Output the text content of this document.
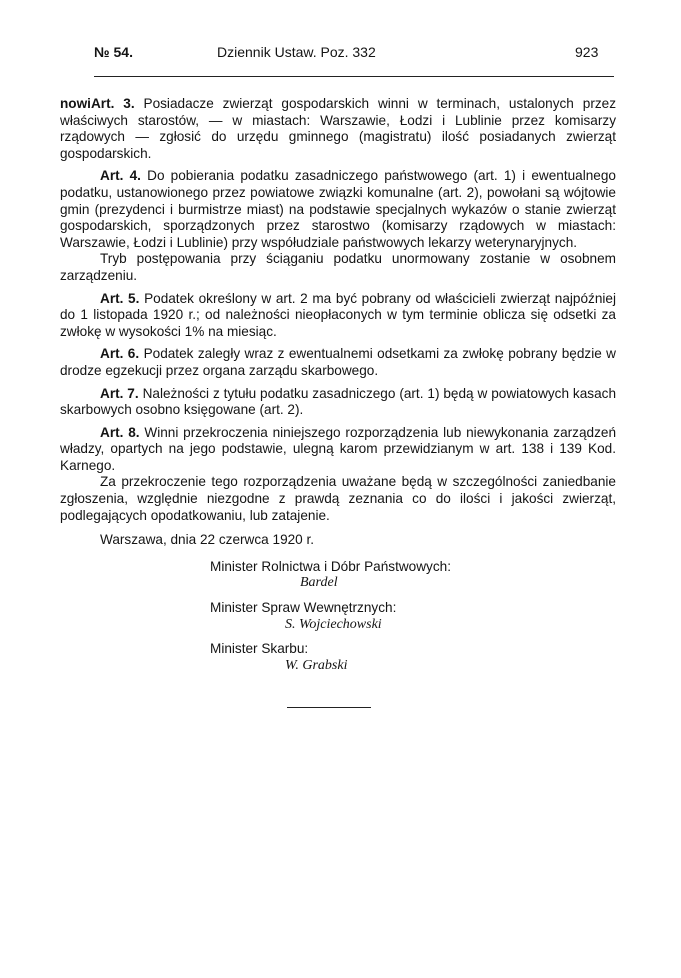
№ 54.	Dziennik Ustaw. Poz. 332	923

nowiArt. 3. Posiadacze zwierząt gospodarskich winni w terminach, ustalonych przez właściwych starostów, — w miastach: Warszawie, Łodzi i Lublinie przez komisarzy rządowych — zgłosić do urzędu gminnego (magistratu) ilość posiadanych zwierząt gospodarskich.

Art. 4. Do pobierania podatku zasadniczego państwowego (art. 1) i ewentualnego podatku, ustanowionego przez powiatowe związki komunalne (art. 2), powołani są wójtowie gmin (prezydenci i burmistrze miast) na podstawie specjalnych wykazów o stanie zwierząt gospodarskich, sporządzonych przez starostwo (komisarzy rządowych w miastach: Warszawie, Łodzi i Lublinie) przy współudziale państwowych lekarzy weterynaryjnych.

Tryb postępowania przy ściąganiu podatku unormowany zostanie w osobnem zarządzeniu.

Art. 5. Podatek określony w art. 2 ma być pobrany od właścicieli zwierząt najpóźniej do 1 listopada 1920 r.; od należności nieopłaconych w tym terminie oblicza się odsetki za zwłokę w wysokości 1% na miesiąc.

Art. 6. Podatek zaległy wraz z ewentualnemi odsetkami za zwłokę pobrany będzie w drodze egzekucji przez organa zarządu skarbowego.

Art. 7. Należności z tytułu podatku zasadniczego (art. 1) będą w powiatowych kasach skarbowych osobno księgowane (art. 2).

Art. 8. Winni przekroczenia niniejszego rozporządzenia lub niewykonania zarządzeń władzy, opartych na jego podstawie, ulegną karom przewidzianym w art. 138 i 139 Kod. Karnego.

Za przekroczenie tego rozporządzenia uważane będą w szczególności zaniedbanie zgłoszenia, względnie niezgodne z prawdą zeznania co do ilości i jakości zwierząt, podlegających opodatkowaniu, lub zatajenie.

Warszawa, dnia 22 czerwca 1920 r.

Minister Rolnictwa i Dóbr Państwowych:
Bardel
Minister Spraw Wewnętrznych:
S. Wojciechowski
Minister Skarbu:
W. Grabski
